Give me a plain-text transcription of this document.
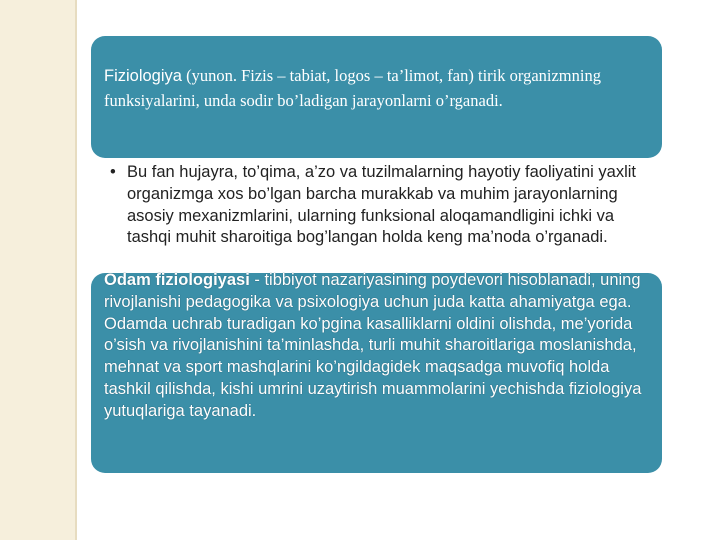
Fiziologiya (yunon. Fizis – tabiat, logos – ta’limot, fan) tirik organizmning funksiyalarini, unda sodir bo’ladigan jarayonlarni o’rganadi.
• Bu fan hujayra, to’qima, a’zo va tuzilmalarning hayotiy faoliyatini yaxlit organizmga xos bo’lgan barcha murakkab va muhim jarayonlarning asosiy mexanizmlarini, ularning funksional aloqamandligini ichki va tashqi muhit sharoitiga bog’langan holda keng ma’noda o’rganadi.
Odam fiziologiyasi - tibbiyot nazariyasining poydevori hisoblanadi, uning rivojlanishi pedagogika va psixologiya uchun juda katta ahamiyatga ega. Odamda uchrab turadigan ko’pgina kasalliklarni oldini olishda, me’yorida o’sish va rivojlanishini ta’minlashda, turli muhit sharoitlariga moslanishda, mehnat va sport mashqlarini ko’ngildagidek maqsadga muvofiq holda tashkil qilishda, kishi umrini uzaytirish muammolarini yechishda fiziologiya yutuqlariga tayanadi.
